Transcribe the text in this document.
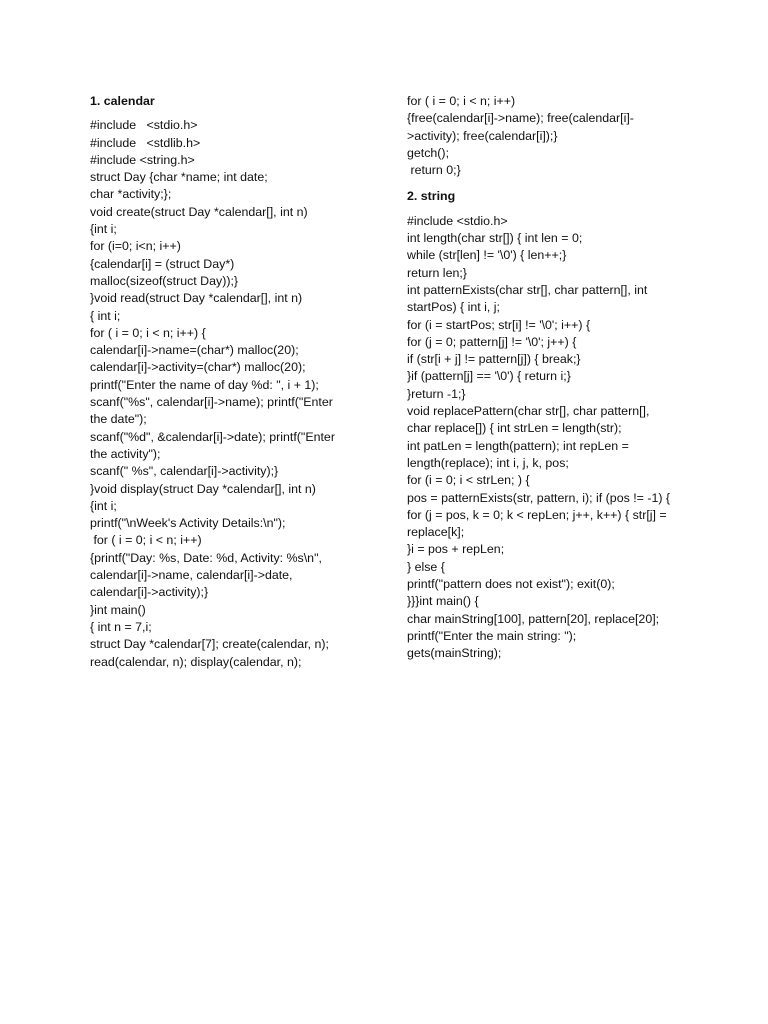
1. calendar
#include   <stdio.h>
#include   <stdlib.h>
#include <string.h>
struct Day {char *name; int date;
char *activity;};
void create(struct Day *calendar[], int n)
{int i;
for (i=0; i<n; i++)
{calendar[i] = (struct Day*)
malloc(sizeof(struct Day));}
}void read(struct Day *calendar[], int n)
{ int i;
for ( i = 0; i < n; i++) {
calendar[i]->name=(char*) malloc(20);
calendar[i]->activity=(char*) malloc(20);
printf("Enter the name of day %d: ", i + 1);
scanf("%s", calendar[i]->name); printf("Enter
the date");
scanf("%d", &calendar[i]->date); printf("Enter
the activity");
scanf(" %s", calendar[i]->activity);}
}void display(struct Day *calendar[], int n)
{int i;
printf("\nWeek's Activity Details:\n");
for ( i = 0; i < n; i++)
{printf("Day: %s, Date: %d, Activity: %s\n",
calendar[i]->name, calendar[i]->date,
calendar[i]->activity);}
}int main()
{ int n = 7,i;
struct Day *calendar[7]; create(calendar, n);
read(calendar, n); display(calendar, n);
for ( i = 0; i < n; i++)
{free(calendar[i]->name); free(calendar[i]-
>activity); free(calendar[i]);}
getch();
return 0;}
2. string
#include <stdio.h>
int length(char str[]) { int len = 0;
while (str[len] != '\0') { len++;}
return len;}
int patternExists(char str[], char pattern[], int
startPos) { int i, j;
for (i = startPos; str[i] != '\0'; i++) {
for (j = 0; pattern[j] != '\0'; j++) {
if (str[i + j] != pattern[j]) { break;}
}if (pattern[j] == '\0') { return i;}
}return -1;}
void replacePattern(char str[], char pattern[],
char replace[]) { int strLen = length(str);
int patLen = length(pattern); int repLen =
length(replace); int i, j, k, pos;
for (i = 0; i < strLen; ) {
pos = patternExists(str, pattern, i); if (pos != -1) {
for (j = pos, k = 0; k < repLen; j++, k++) { str[j] =
replace[k];
}i = pos + repLen;
} else {
printf("pattern does not exist"); exit(0);
}}}int main() {
char mainString[100], pattern[20], replace[20];
printf("Enter the main string: ");
gets(mainString);
